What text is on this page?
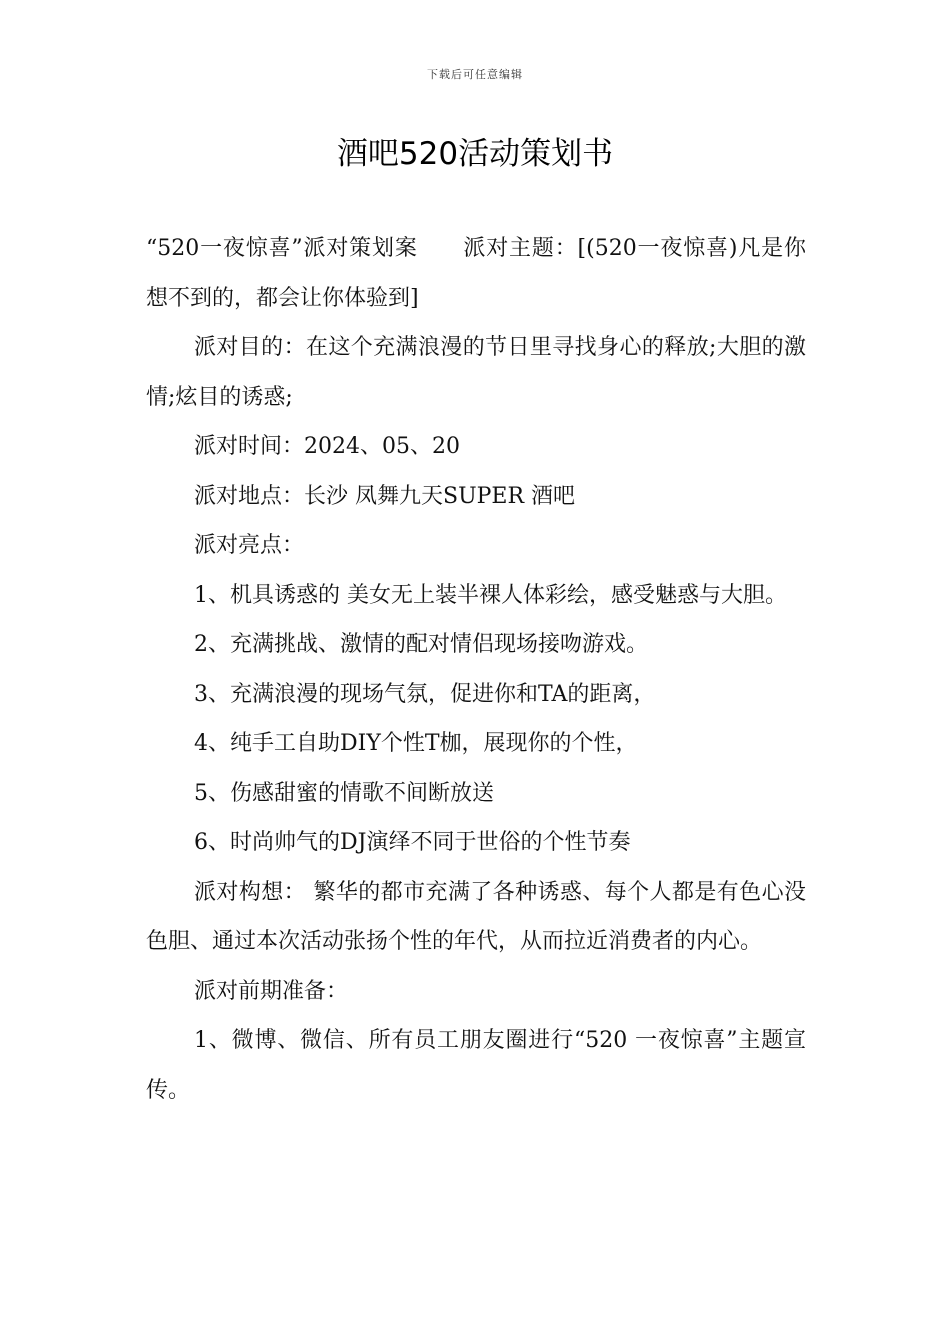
下载后可任意编辑
酒吧520活动策划书

“520一夜惊喜”派对策划案　　派对主题：[(520一夜惊喜)凡是你想不到的，都会让你体验到]

派对目的：在这个充满浪漫的节日里寻找身心的释放;大胆的激情;炫目的诱惑;

派对时间：2024、05、20

派对地点：长沙 凤舞九天SUPER 酒吧

派对亮点：

1、机具诱惑的 美女无上装半裸人体彩绘，感受魅惑与大胆。

2、充满挑战、激情的配对情侣现场接吻游戏。

3、充满浪漫的现场气氛，促进你和TA的距离，

4、纯手工自助DIY个性T枷，展现你的个性，

5、伤感甜蜜的情歌不间断放送

6、时尚帅气的DJ演绎不同于世俗的个性节奏

派对构想： 繁华的都市充满了各种诱惑、每个人都是有色心没色胆、通过本次活动张扬个性的年代，从而拉近消费者的内心。

派对前期准备：

1、微博、微信、所有员工朋友圈进行“520 一夜惊喜”主题宣传。
